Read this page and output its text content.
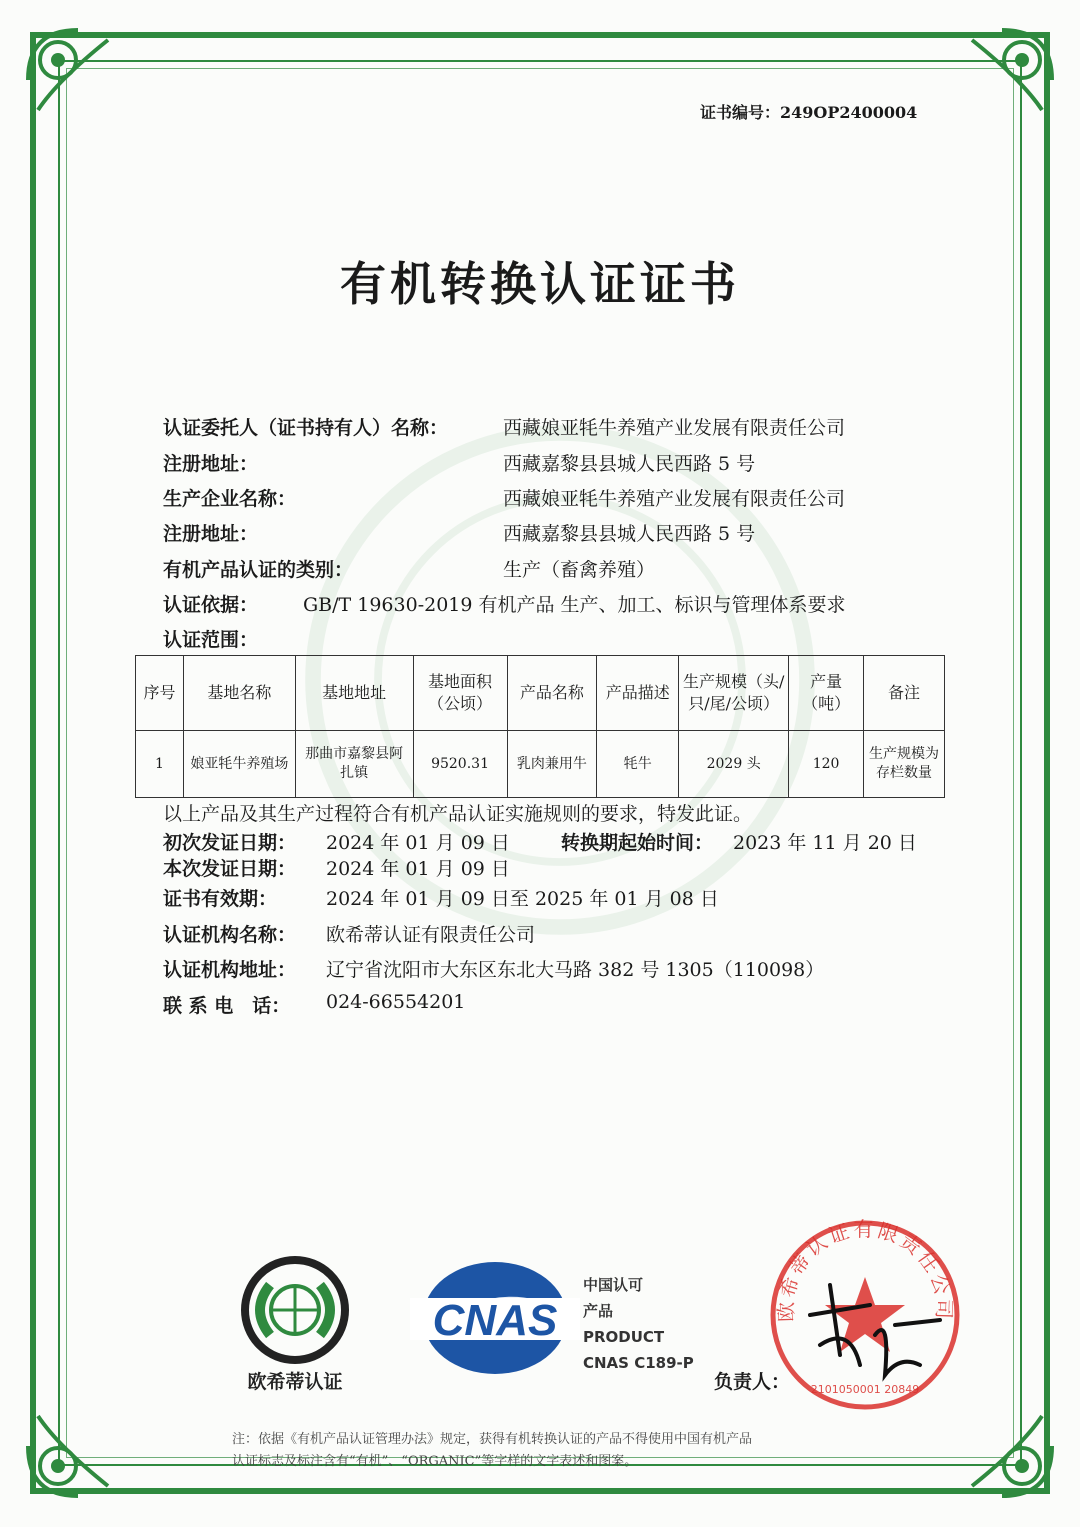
证书编号：249OP2400004
有机转换认证证书
认证委托人（证书持有人）名称：	西藏娘亚牦牛养殖产业发展有限责任公司
注册地址：	西藏嘉黎县县城人民西路 5 号
生产企业名称：	西藏娘亚牦牛养殖产业发展有限责任公司
注册地址：	西藏嘉黎县县城人民西路 5 号
有机产品认证的类别：	生产（畜禽养殖）
认证依据： GB/T 19630-2019 有机产品 生产、加工、标识与管理体系要求
认证范围：
序号	基地名称	基地地址	基地面积（公顷）	产品名称	产品描述	生产规模（头/只/尾/公顷）	产量（吨）	备注
1	娘亚牦牛养殖场	那曲市嘉黎县阿扎镇	9520.31	乳肉兼用牛	牦牛	2029 头	120	生产规模为存栏数量
以上产品及其生产过程符合有机产品认证实施规则的要求，特发此证。
初次发证日期： 2024 年 01 月 09 日	转换期起始时间： 2023 年 11 月 20 日
本次发证日期： 2024 年 01 月 09 日
证书有效期：	2024 年 01 月 09 日至 2025 年 01 月 08 日
认证机构名称： 欧希蒂认证有限责任公司
认证机构地址： 辽宁省沈阳市大东区东北大马路 382 号 1305（110098）
联 系 电　话： 024-66554201
欧希蒂认证
CNAS
中国认可
产品
PRODUCT
CNAS C189-P
欧希蒂认证有限责任公司
2101050001 20849
负责人：
注：依据《有机产品认证管理办法》规定，获得有机转换认证的产品不得使用中国有机产品
认证标志及标注含有“有机”、“ORGANIC”等字样的文字表述和图案。
